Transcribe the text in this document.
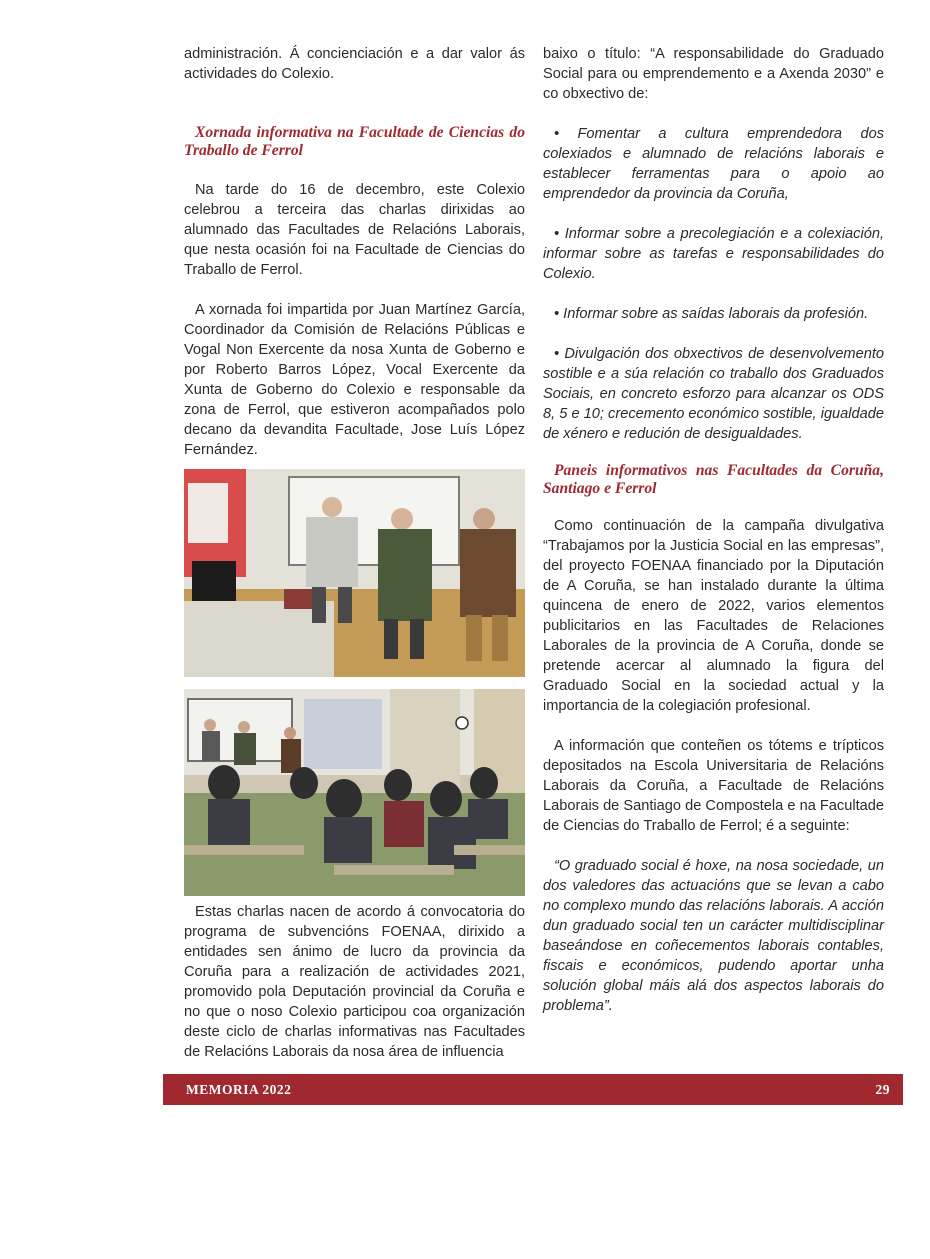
administración. Á concienciación e a dar valor ás actividades do Colexio.

Xornada informativa na Facultade de Ciencias do Traballo de Ferrol

Na tarde do 16 de decembro, este Colexio celebrou a terceira das charlas dirixidas ao alumnado das Facultades de Relacións Laborais, que nesta ocasión foi na Facultade de Ciencias do Traballo de Ferrol.

A xornada foi impartida por Juan Martínez García, Coordinador da Comisión de Relacións Públicas e Vogal Non Exercente da nosa Xunta de Goberno e por Roberto Barros López, Vocal Exercente da Xunta de Goberno do Colexio e responsable da zona de Ferrol, que estiveron acompañados polo decano da devandita Facultade, Jose Luís López Fernández.

Estas charlas nacen de acordo á convocatoria do programa de subvencións FOENAA, dirixido a entidades sen ánimo de lucro da provincia da Coruña para a realización de actividades 2021, promovido pola Deputación provincial da Coruña e no que o noso Colexio participou coa organización deste ciclo de charlas informativas nas Facultades de Relacións Laborais da nosa área de influencia

baixo o título: “A responsabilidade do Graduado Social para ou emprendemento e a Axenda 2030” e co obxectivo de:

• Fomentar a cultura emprendedora dos colexiados e alumnado de relacións laborais e establecer ferramentas para o apoio ao emprendedor da provincia da Coruña,

• Informar sobre a precolegiación e a colexiación, informar sobre as tarefas e responsabilidades do Colexio.

• Informar sobre as saídas laborais da profesión.

• Divulgación dos obxectivos de desenvolvemento sostible e a súa relación co traballo dos Graduados Sociais, en concreto esforzo para alcanzar os ODS 8, 5 e 10; crecemento económico sostible, igualdade de xénero e redución de desigualdades.

Paneis informativos nas Facultades da Coruña, Santiago e Ferrol

Como continuación de la campaña divulgativa “Trabajamos por la Justicia Social en las empresas”, del proyecto FOENAA financiado por la Diputación de A Coruña, se han instalado durante la última quincena de enero de 2022, varios elementos publicitarios en las Facultades de Relaciones Laborales de la provincia de A Coruña, donde se pretende acercar al alumnado la figura del Graduado Social en la sociedad actual y la importancia de la colegiación profesional.

A información que conteñen os tótems e trípticos depositados na Escola Universitaria de Relacións Laborais da Coruña, a Facultade de Relacións Laborais de Santiago de Compostela e na Facultade de Ciencias do Traballo de Ferrol; é a seguinte:

“O graduado social é hoxe, na nosa sociedade, un dos valedores das actuacións que se levan a cabo no complexo mundo das relacións laborais. A acción dun graduado social ten un carácter multidisciplinar baseándose en coñecementos laborais contables, fiscais e económicos, pudendo aportar unha solución global máis alá dos aspectos laborais do problema”.

MEMORIA 2022	29
